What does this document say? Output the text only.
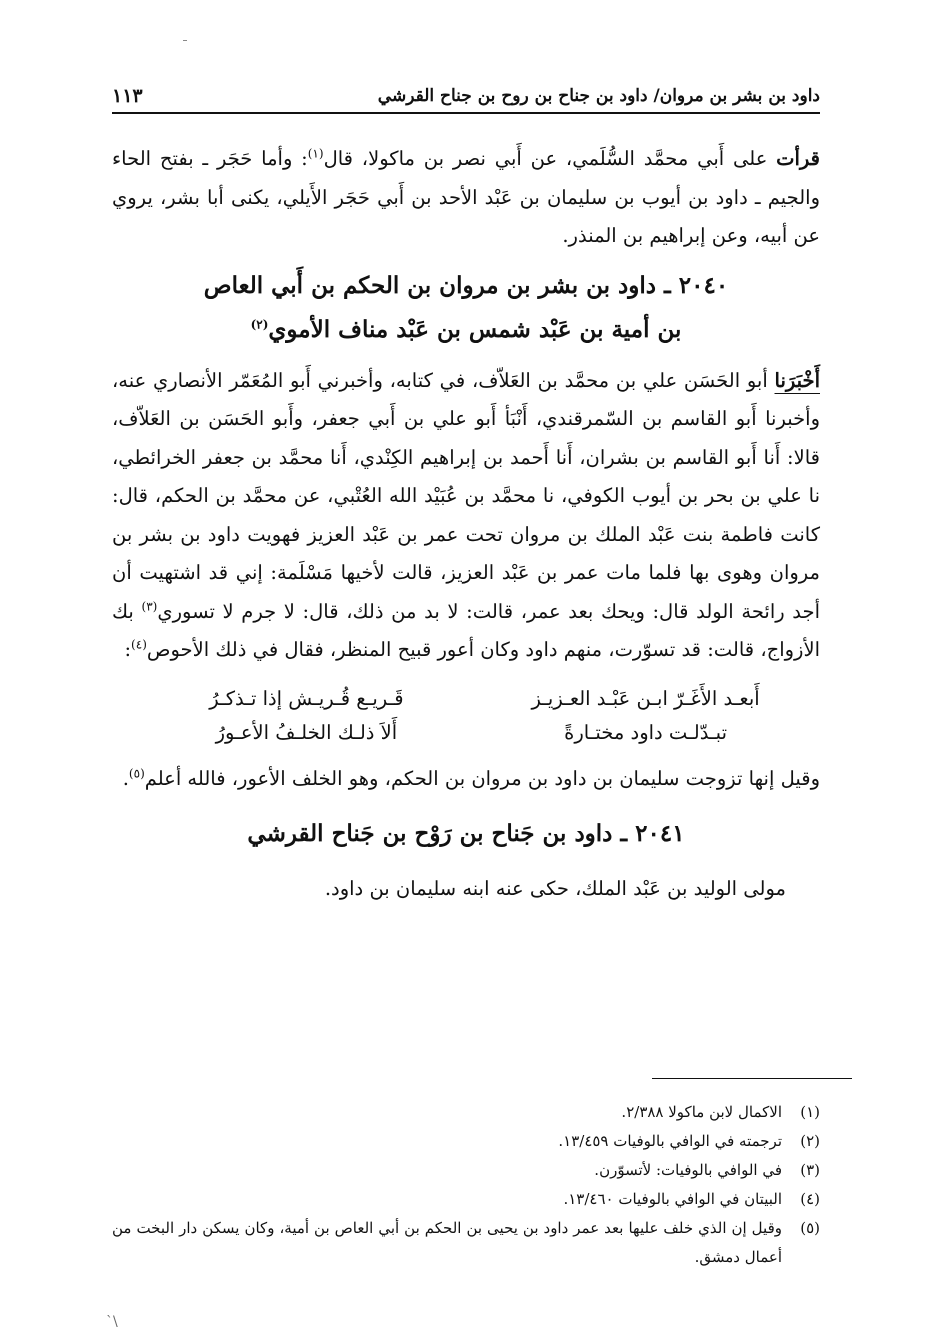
داود بن بشر بن مروان/ داود بن جناح بن روح بن جناح القرشي
١١٣

قرأت على أَبي محمَّد السُّلَمي، عن أَبي نصر بن ماكولا، قال$^{(١)}$: وأما حَجَر ـ بفتح الحاء والجيم ـ داود بن أيوب بن سليمان بن عَبْد الأحد بن أَبي حَجَر الأَيلي، يكنى أبا بشر، يروي عن أبيه، وعن إبراهيم بن المنذر.

٢٠٤٠ ـ داود بن بشر بن مروان بن الحكم بن أَبي العاص
بن أمية بن عَبْد شمس بن عَبْد مناف الأموي$^{(٢)}$

أَخْبَرَنا أبو الحَسَن علي بن محمَّد بن العَلاّف، في كتابه، وأخبرني أَبو المُعَمّر الأنصاري عنه، وأخبرنا أَبو القاسم بن السّمرقندي، أَنْبَأ أَبو علي بن أَبي جعفر، وأَبو الحَسَن بن العَلاّف، قالا: أَنا أَبو القاسم بن بشران، أَنا أَحمد بن إبراهيم الكِنْدي، أَنا محمَّد بن جعفر الخرائطي، نا علي بن بحر بن أيوب الكوفي، نا محمَّد بن عُبَيْد الله العُتْبي، عن محمَّد بن الحكم، قال: كانت فاطمة بنت عَبْد الملك بن مروان تحت عمر بن عَبْد العزيز فهويت داود بن بشر بن مروان وهوى بها فلما مات عمر بن عَبْد العزيز، قالت لأخيها مَسْلَمة: إني قد اشتهيت أن أجد رائحة الولد قال: ويحك بعد عمر، قالت: لا بد من ذلك، قال: لا جرم لا تسوري$^{(٣)}$ بك الأزواج، قالت: قد تسوّرت، منهم داود وكان أعور قبيح المنظر، فقال في ذلك الأحوص$^{(٤)}$:

أَبعـد الأَغَـرّ ابـن عَبْـد العـزيـز
قَـريـع قُـريـش إذا تـذكـرُ
تبـدّلـت داود مختـارةً
أَلاَ ذلـك الخلـفُ الأعـورُ

وقيل إنها تزوجت سليمان بن داود بن مروان بن الحكم، وهو الخلف الأعور، فالله أعلم$^{(٥)}$.

٢٠٤١ ـ داود بن جَناح بن رَوْح بن جَناح القرشي

مولى الوليد بن عَبْد الملك، حكى عنه ابنه سليمان بن داود.

(١)
الاكمال لابن ماكولا ٢/٣٨٨.
(٢)
ترجمته في الوافي بالوفيات ١٣/٤٥٩.
(٣)
في الوافي بالوفيات: لأتسوّرن.
(٤)
البيتان في الوافي بالوفيات ١٣/٤٦٠.
(٥)
وقيل إن الذي خلف عليها بعد عمر داود بن يحيى بن الحكم بن أبي العاص بن أمية، وكان يسكن دار البخت من أعمال دمشق.
`\
